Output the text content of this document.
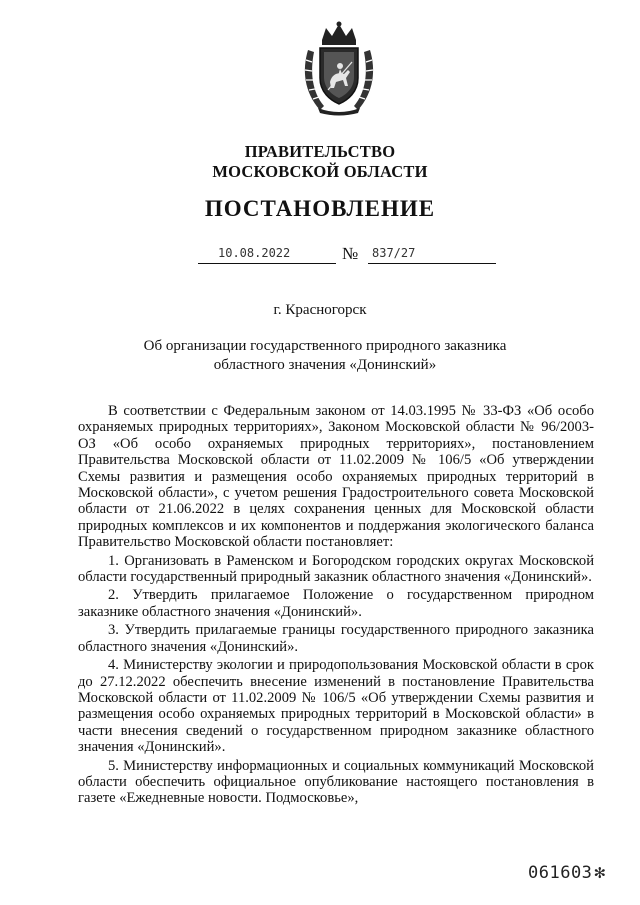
ПРАВИТЕЛЬСТВО
МОСКОВСКОЙ ОБЛАСТИ
ПОСТАНОВЛЕНИЕ
10.08.2022	№	837/27
г. Красногорск
Об организации государственного природного заказника
областного значения «Донинский»

В соответствии с Федеральным законом от 14.03.1995 № 33-ФЗ «Об особо охраняемых природных территориях», Законом Московской области № 96/2003-ОЗ «Об особо охраняемых природных территориях», постановлением Правительства Московской области от 11.02.2009 № 106/5 «Об утверждении Схемы развития и размещения особо охраняемых природных территорий в Московской области», с учетом решения Градостроительного совета Московской области от 21.06.2022 в целях сохранения ценных для Московской области природных комплексов и их компонентов и поддержания экологического баланса Правительство Московской области постановляет:

1. Организовать в Раменском и Богородском городских округах Московской области государственный природный заказник областного значения «Донинский».

2. Утвердить прилагаемое Положение о государственном природном заказнике областного значения «Донинский».

3. Утвердить прилагаемые границы государственного природного заказника областного значения «Донинский».

4. Министерству экологии и природопользования Московской области в срок до 27.12.2022 обеспечить внесение изменений в постановление Правительства Московской области от 11.02.2009 № 106/5 «Об утверждении Схемы развития и размещения особо охраняемых природных территорий в Московской области» в части внесения сведений о государственном природном заказнике областного значения «Донинский».

5. Министерству информационных и социальных коммуникаций Московской области обеспечить официальное опубликование настоящего постановления в газете «Ежедневные новости. Подмосковье»,

061603 ✻
